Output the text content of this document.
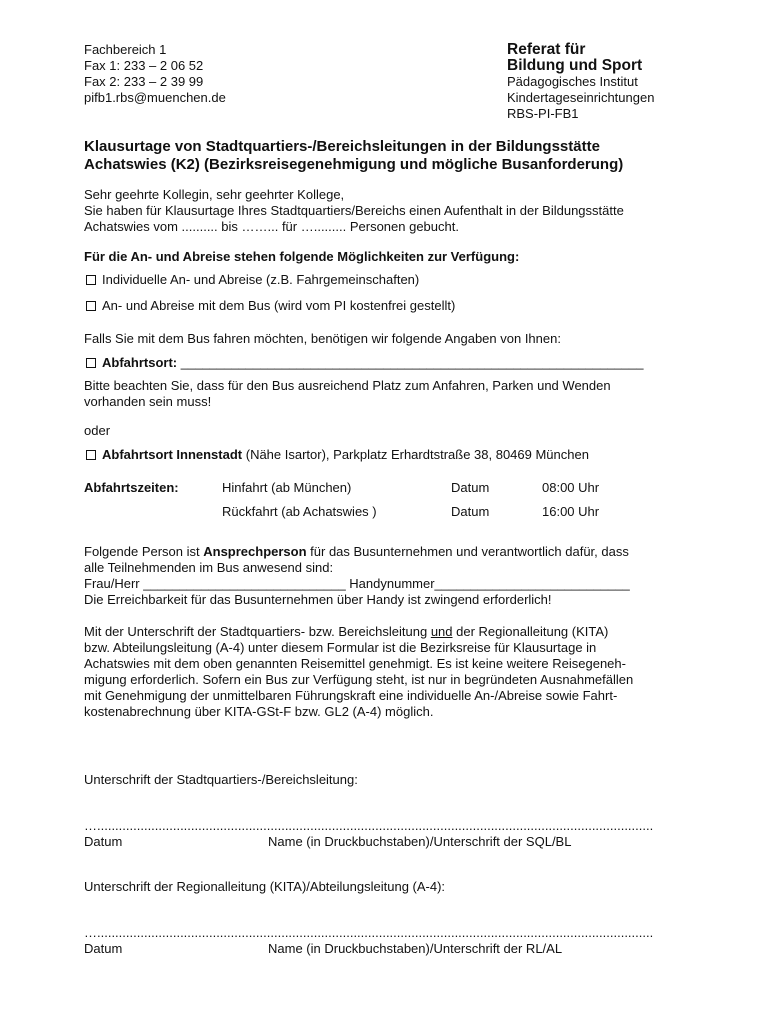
Fachbereich 1
Fax 1: 233 – 2 06 52
Fax 2: 233 – 2 39 99
pifb1.rbs@muenchen.de
Referat für
Bildung und Sport
Pädagogisches Institut
Kindertageseinrichtungen
RBS-PI-FB1
Klausurtage von Stadtquartiers-/Bereichsleitungen in der Bildungsstätte
Achatswies (K2) (Bezirksreisegenehmigung und mögliche Busanforderung)
Sehr geehrte Kollegin, sehr geehrter Kollege,
Sie haben für Klausurtage Ihres Stadtquartiers/Bereichs einen Aufenthalt in der Bildungsstätte
Achatswies vom .......... bis ……... für …......... Personen gebucht.
Für die An- und Abreise stehen folgende Möglichkeiten zur Verfügung:
Individuelle An- und Abreise (z.B. Fahrgemeinschaften)
An- und Abreise mit dem Bus (wird vom PI kostenfrei gestellt)
Falls Sie mit dem Bus fahren möchten, benötigen wir folgende Angaben von Ihnen:
Abfahrtsort: ________________________________________________________________
Bitte beachten Sie, dass für den Bus ausreichend Platz zum Anfahren, Parken und Wenden
vorhanden sein muss!
oder
Abfahrtsort Innenstadt (Nähe Isartor), Parkplatz Erhardtstraße 38, 80469 München
Abfahrtszeiten:	Hinfahrt (ab München)	Datum	08:00 Uhr
Rückfahrt (ab Achatswies )	Datum	16:00 Uhr
Folgende Person ist Ansprechperson für das Busunternehmen und verantwortlich dafür, dass
alle Teilnehmenden im Bus anwesend sind:
Frau/Herr ____________________________ Handynummer___________________________
Die Erreichbarkeit für das Busunternehmen über Handy ist zwingend erforderlich!
Mit der Unterschrift der Stadtquartiers- bzw. Bereichsleitung und der Regionalleitung (KITA)
bzw. Abteilungsleitung (A-4) unter diesem Formular ist die Bezirksreise für Klausurtage in
Achatswies mit dem oben genannten Reisemittel genehmigt. Es ist keine weitere Reisegeneh-
migung erforderlich. Sofern ein Bus zur Verfügung steht, ist nur in begründeten Ausnahmefällen
mit Genehmigung der unmittelbaren Führungskraft eine individuelle An-/Abreise sowie Fahrt-
kostenabrechnung über KITA-GSt-F bzw. GL2 (A-4) möglich.
Unterschrift der Stadtquartiers-/Bereichsleitung:
…..........................................................................................................................................................
Datum	Name (in Druckbuchstaben)/Unterschrift der SQL/BL
Unterschrift der Regionalleitung (KITA)/Abteilungsleitung (A-4):
…..........................................................................................................................................................
Datum	Name (in Druckbuchstaben)/Unterschrift der RL/AL
